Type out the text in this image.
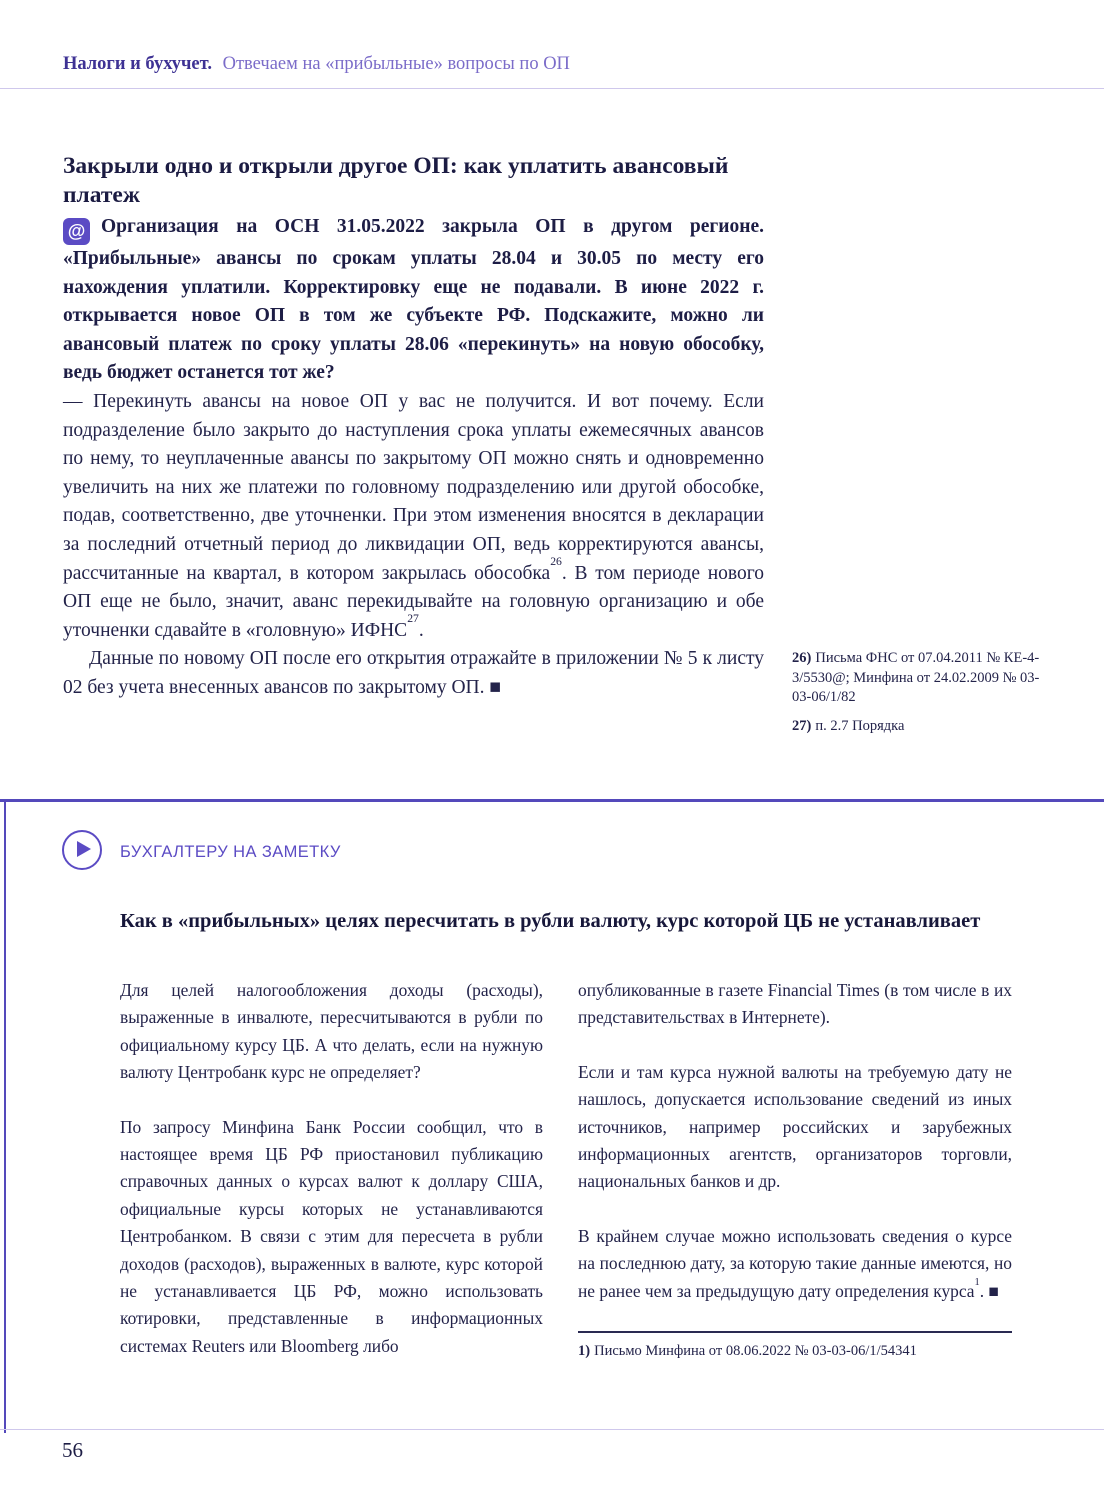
Налоги и бухучет. Отвечаем на «прибыльные» вопросы по ОП
Закрыли одно и открыли другое ОП: как уплатить авансовый платеж

@ Организация на ОСН 31.05.2022 закрыла ОП в другом регионе. «Прибыльные» авансы по срокам уплаты 28.04 и 30.05 по месту его нахождения уплатили. Корректировку еще не подавали. В июне 2022 г. открывается новое ОП в том же субъекте РФ. Подскажите, можно ли авансовый платеж по сроку уплаты 28.06 «перекинуть» на новую обособку, ведь бюджет останется тот же?

— Перекинуть авансы на новое ОП у вас не получится. И вот почему. Если подразделение было закрыто до наступления срока уплаты ежемесячных авансов по нему, то неуплаченные авансы по закрытому ОП можно снять и одновременно увеличить на них же платежи по головному подразделению или другой обособке, подав, соответственно, две уточненки. При этом изменения вносятся в декларации за последний отчетный период до ликвидации ОП, ведь корректируются авансы, рассчитанные на квартал, в котором закрылась обособка$^{26}$. В том периоде нового ОП еще не было, значит, аванс перекидывайте на головную организацию и обе уточненки сдавайте в «головную» ИФНС$^{27}$.

Данные по новому ОП после его открытия отражайте в приложении № 5 к листу 02 без учета внесенных авансов по закрытому ОП. ■

26) Письма ФНС от 07.04.2011 № КЕ-4-3/5530@; Минфина от 24.02.2009 № 03-03-06/1/82
27) п. 2.7 Порядка
БУХГАЛТЕРУ НА ЗАМЕТКУ
Как в «прибыльных» целях пересчитать в рубли валюту, курс которой ЦБ не устанавливает

Для целей налогообложения доходы (расходы), выраженные в инвалюте, пересчитываются в рубли по официальному курсу ЦБ. А что делать, если на нужную валюту Центробанк курс не определяет?

По запросу Минфина Банк России сообщил, что в настоящее время ЦБ РФ приостановил публикацию справочных данных о курсах валют к доллару США, официальные курсы которых не устанавливаются Центробанком. В связи с этим для пересчета в рубли доходов (расходов), выраженных в валюте, курс которой не устанавливается ЦБ РФ, можно использовать котировки, представленные в информационных системах Reuters или Bloomberg либо

опубликованные в газете Financial Times (в том числе в их представительствах в Интернете).

Если и там курса нужной валюты на требуемую дату не нашлось, допускается использование сведений из иных источников, например российских и зарубежных информационных агентств, организаторов торговли, национальных банков и др.

В крайнем случае можно использовать сведения о курсе на последнюю дату, за которую такие данные имеются, но не ранее чем за предыдущую дату определения курса$^1$. ■

1) Письмо Минфина от 08.06.2022 № 03-03-06/1/54341

56
